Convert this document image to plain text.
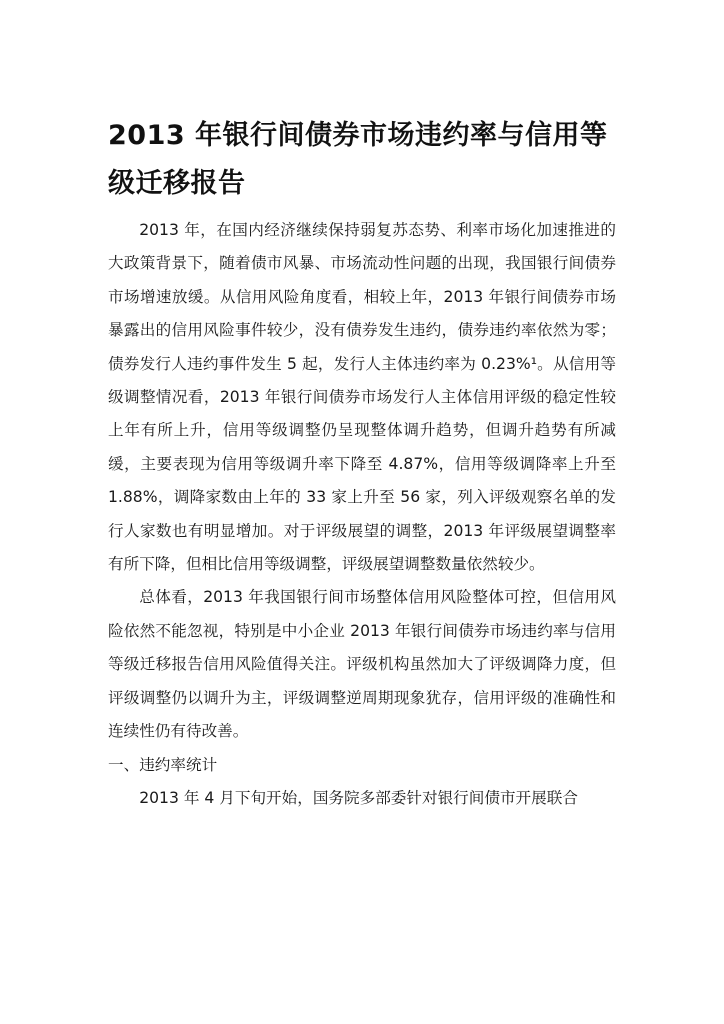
2013 年银行间债券市场违约率与信用等级迁移报告

2013 年，在国内经济继续保持弱复苏态势、利率市场化加速推进的大政策背景下，随着债市风暴、市场流动性问题的出现，我国银行间债券市场增速放缓。从信用风险角度看，相较上年，2013 年银行间债券市场暴露出的信用风险事件较少，没有债券发生违约，债券违约率依然为零；债券发行人违约事件发生 5 起，发行人主体违约率为 0.23%¹。从信用等级调整情况看，2013 年银行间债券市场发行人主体信用评级的稳定性较上年有所上升，信用等级调整仍呈现整体调升趋势，但调升趋势有所减缓，主要表现为信用等级调升率下降至 4.87%，信用等级调降率上升至 1.88%，调降家数由上年的 33 家上升至 56 家，列入评级观察名单的发行人家数也有明显增加。对于评级展望的调整，2013 年评级展望调整率有所下降，但相比信用等级调整，评级展望调整数量依然较少。

总体看，2013 年我国银行间市场整体信用风险整体可控，但信用风险依然不能忽视，特别是中小企业 2013 年银行间债券市场违约率与信用等级迁移报告信用风险值得关注。评级机构虽然加大了评级调降力度，但评级调整仍以调升为主，评级调整逆周期现象犹存，信用评级的准确性和连续性仍有待改善。

一、违约率统计

2013 年 4 月下旬开始，国务院多部委针对银行间债市开展联合
